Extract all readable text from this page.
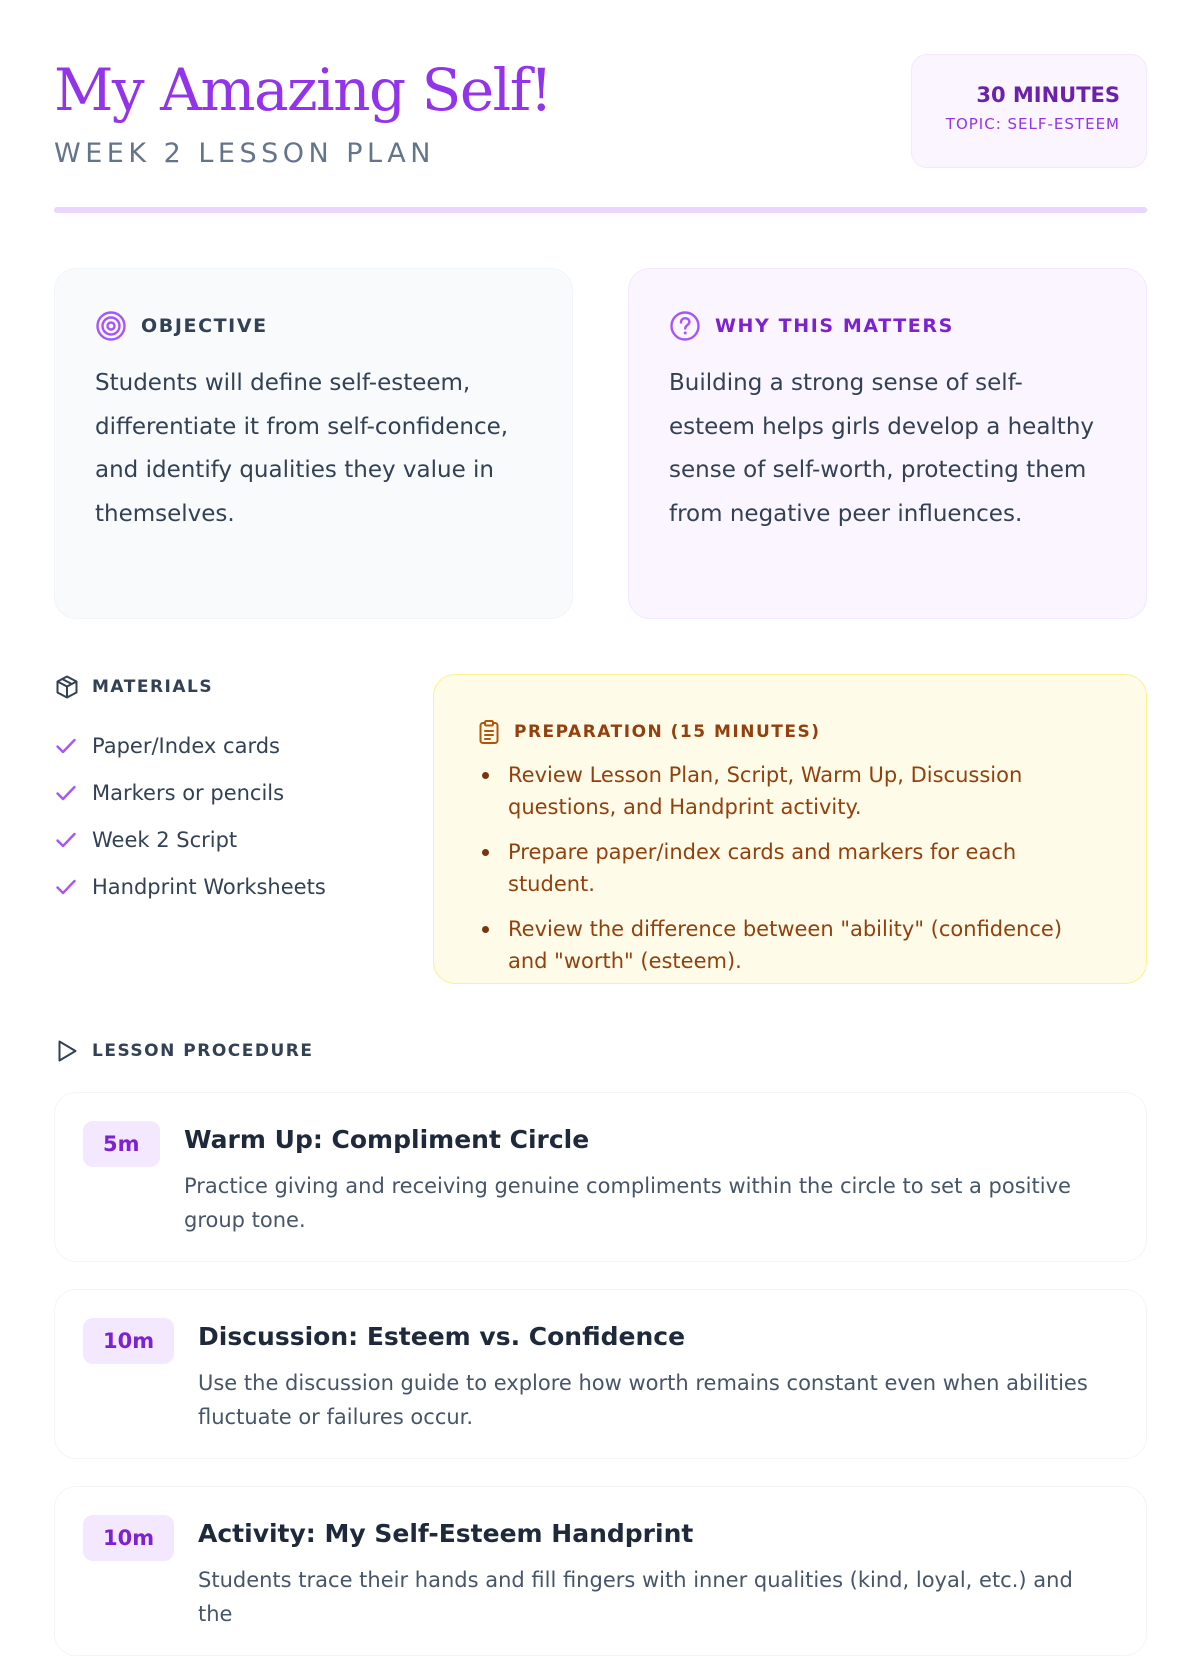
My Amazing Self!
WEEK 2 LESSON PLAN
30 MINUTES
TOPIC: SELF-ESTEEM
OBJECTIVE
Students will define self-esteem, differentiate it from self-confidence, and identify qualities they value in themselves.
WHY THIS MATTERS
Building a strong sense of self-esteem helps girls develop a healthy sense of self-worth, protecting them from negative peer influences.
MATERIALS
Paper/Index cards
Markers or pencils
Week 2 Script
Handprint Worksheets
PREPARATION (15 MINUTES)
Review Lesson Plan, Script, Warm Up, Discussion questions, and Handprint activity.
Prepare paper/index cards and markers for each student.
Review the difference between "ability" (confidence) and "worth" (esteem).
LESSON PROCEDURE
5m	Warm Up: Compliment Circle
Practice giving and receiving genuine compliments within the circle to set a positive group tone.
10m	Discussion: Esteem vs. Confidence
Use the discussion guide to explore how worth remains constant even when abilities fluctuate or failures occur.
10m	Activity: My Self-Esteem Handprint
Students trace their hands and fill fingers with inner qualities (kind, loyal, etc.) and the
